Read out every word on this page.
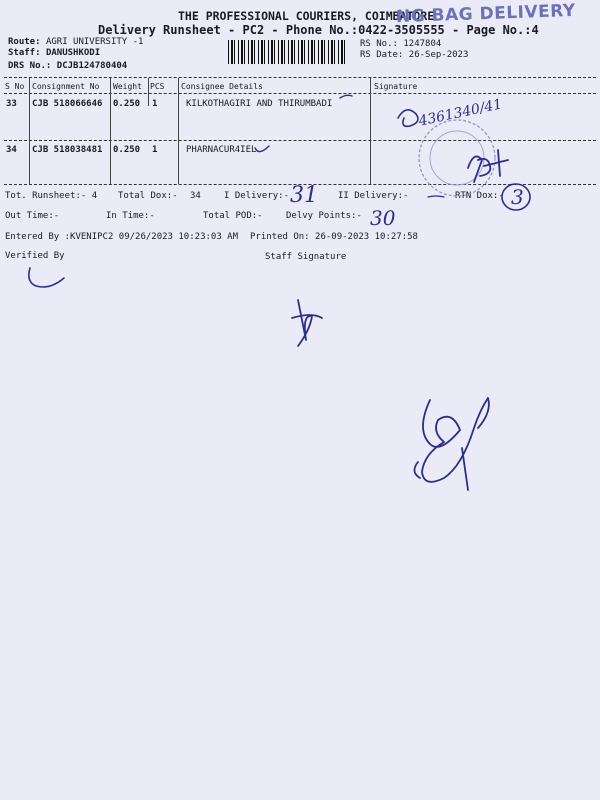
THE PROFESSIONAL COURIERS, COIMBATORE
NG BAG DELIVERY
Delivery Runsheet - PC2 - Phone No.:0422-3505555 - Page No.:4
Route: AGRI UNIVERSITY -1
Staff: DANUSHKODI
DRS No.: DCJB124780404
RS No.: 1247804
RS Date: 26-Sep-2023
S No Consignment No Weight PCS Consignee Details	Signature
33 CJB 518066646 0.250 1	KILKOTHAGIRI AND THIRUMBADI
34 CJB 518038481 0.250 1	PHARNACUR4IEL
Tot. Runsheet:- 4 Total Dox:- 34	I Delivery:-	II Delivery:-	RTN Dox:-
Out Time:-	In Time:-	Total POD:-	Delvy Points:-
Entered By :KVENIPC2 09/26/2023 10:23:03 AM Printed On: 26-09-2023 10:27:58
Verified By	Staff Signature
31
30
3
4361340/41
